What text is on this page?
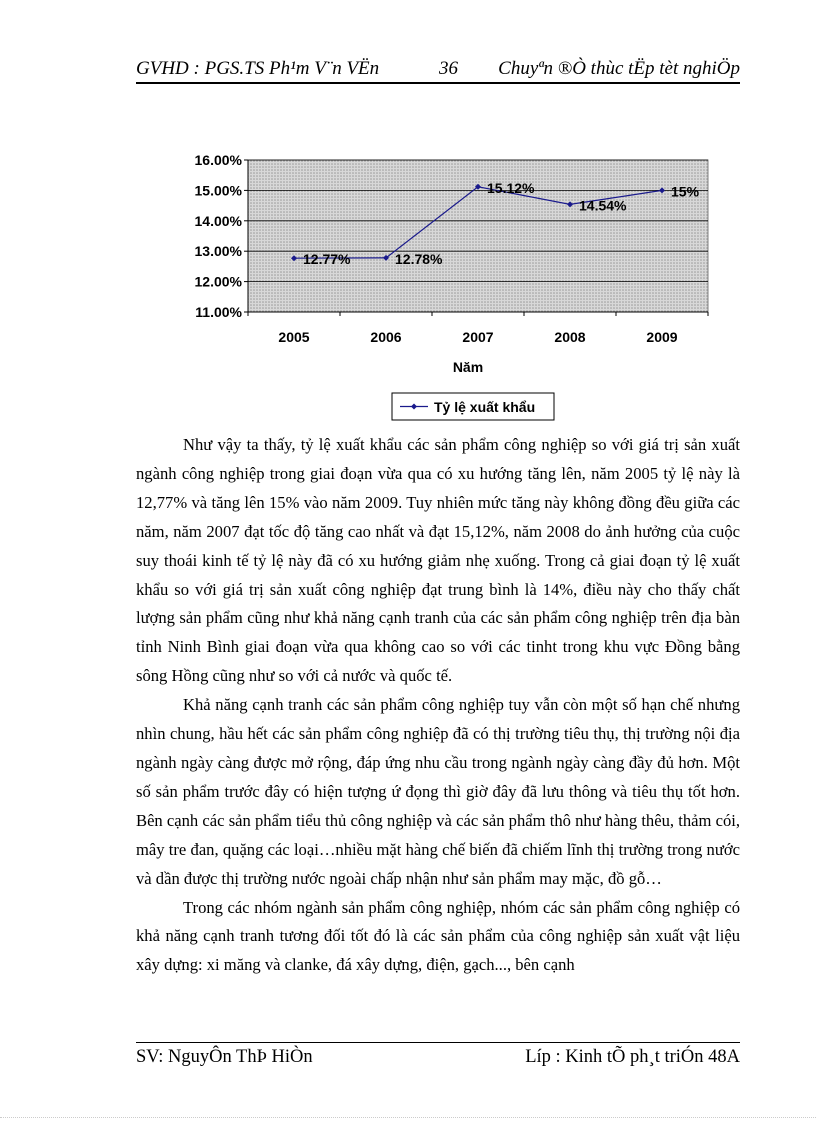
GVHD : PGS.TS Ph¹m V¨n VËn	36 Chuyªn ®Ò thùc tËp tèt nghiÖp
11.00%
12.00%
13.00%
14.00%
15.00%
16.00%
2005	2006	2007	2008	2009
Năm
12.77%	12.78%
15.12%
14.54%
15%
Tỷ lệ xuất khẩu

Như vậy ta thấy, tỷ lệ xuất khẩu các sản phẩm công nghiệp so với giá trị sản xuất ngành công nghiệp trong giai đoạn vừa qua có xu hướng tăng lên, năm 2005 tỷ lệ này là 12,77% và tăng lên 15% vào năm 2009. Tuy nhiên mức tăng này không đồng đều giữa các năm, năm 2007 đạt tốc độ tăng cao nhất và đạt 15,12%, năm 2008 do ảnh hưởng của cuộc suy thoái kinh tế tỷ lệ này đã có xu hướng giảm nhẹ xuống. Trong cả giai đoạn tỷ lệ xuất khẩu so với giá trị sản xuất công nghiệp đạt trung bình là 14%, điều này cho thấy chất lượng sản phẩm cũng như khả năng cạnh tranh của các sản phẩm công nghiệp trên địa bàn tỉnh Ninh Bình giai đoạn vừa qua không cao so với các tinht trong khu vực Đồng bằng sông Hồng cũng như so với cả nước và quốc tế.

Khả năng cạnh tranh các sản phẩm công nghiệp tuy vẫn còn một số hạn chế nhưng nhìn chung, hầu hết các sản phẩm công nghiệp đã có thị trường tiêu thụ, thị trường nội địa ngành ngày càng được mở rộng, đáp ứng nhu cầu trong ngành ngày càng đầy đủ hơn. Một số sản phẩm trước đây có hiện tượng ứ đọng thì giờ đây đã lưu thông và tiêu thụ tốt hơn. Bên cạnh các sản phẩm tiểu thủ công nghiệp và các sản phẩm thô như hàng thêu, thảm cói, mây tre đan, quặng các loại…nhiều mặt hàng chế biến đã chiếm lĩnh thị trường trong nước và dần được thị trường nước ngoài chấp nhận như sản phẩm may mặc, đồ gỗ…

Trong các nhóm ngành sản phẩm công nghiệp, nhóm các sản phẩm công nghiệp có khả năng cạnh tranh tương đối tốt đó là các sản phẩm của công nghiệp sản xuất vật liệu xây dựng: xi măng và clanke, đá xây dựng, điện, gạch..., bên cạnh

SV: NguyÔn ThÞ HiÒn	Líp : Kinh tÕ ph¸t triÓn 48A
